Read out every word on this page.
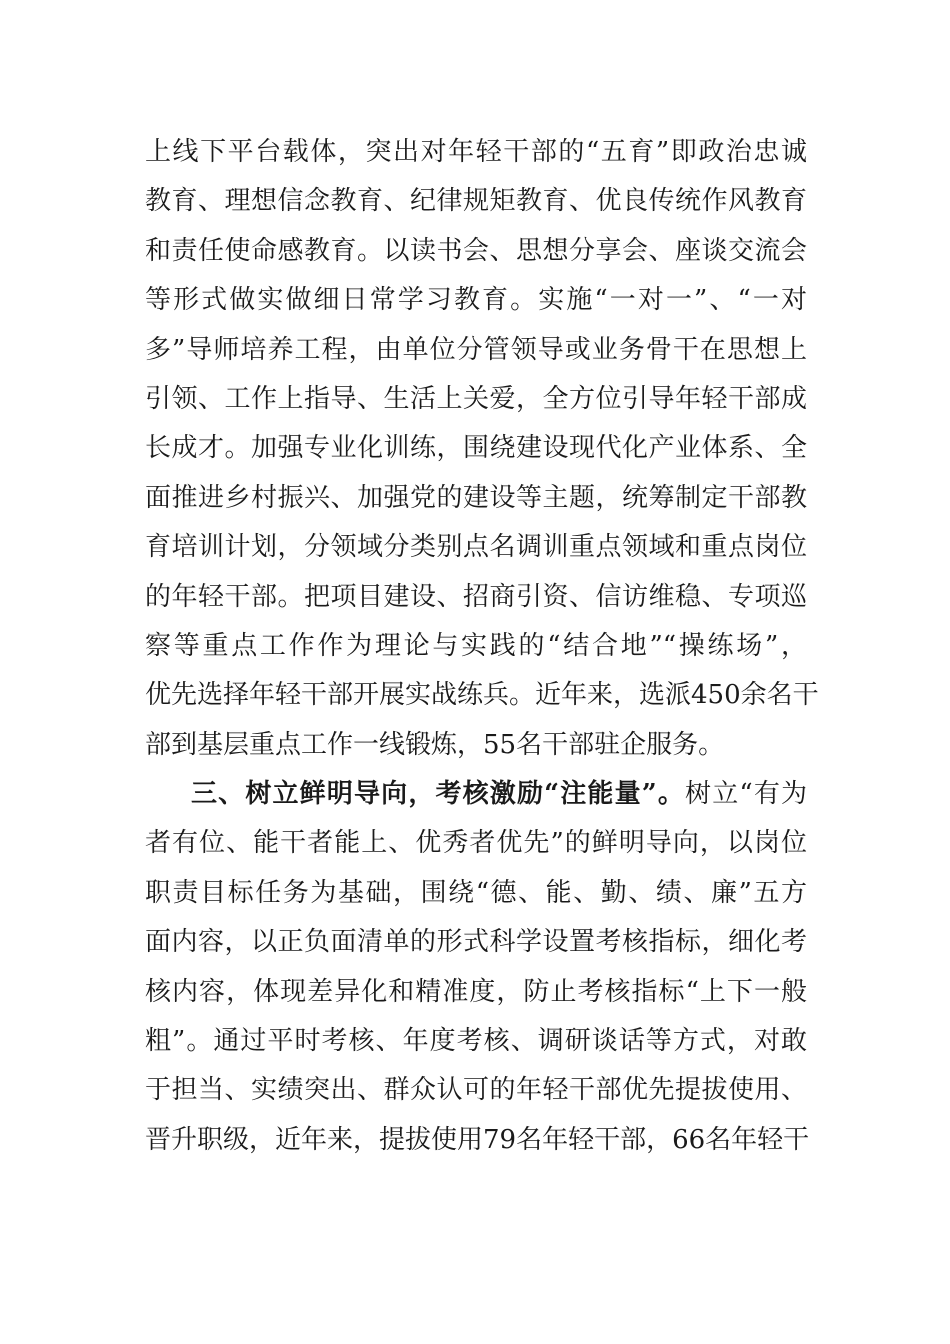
上线下平台载体，突出对年轻干部的“五育”即政治忠诚
教育、理想信念教育、纪律规矩教育、优良传统作风教育
和责任使命感教育。以读书会、思想分享会、座谈交流会
等形式做实做细日常学习教育。实施“一对一”、“一对
多”导师培养工程，由单位分管领导或业务骨干在思想上
引领、工作上指导、生活上关爱，全方位引导年轻干部成
长成才。加强专业化训练，围绕建设现代化产业体系、全
面推进乡村振兴、加强党的建设等主题，统筹制定干部教
育培训计划，分领域分类别点名调训重点领域和重点岗位
的年轻干部。把项目建设、招商引资、信访维稳、专项巡
察等重点工作作为理论与实践的“结合地”“操练场”，
优先选择年轻干部开展实战练兵。近年来，选派450余名干
部到基层重点工作一线锻炼，55名干部驻企服务。
三、树立鲜明导向，考核激励“注能量”。树立“有为
者有位、能干者能上、优秀者优先”的鲜明导向，以岗位
职责目标任务为基础，围绕“德、能、勤、绩、廉”五方
面内容，以正负面清单的形式科学设置考核指标，细化考
核内容，体现差异化和精准度，防止考核指标“上下一般
粗”。通过平时考核、年度考核、调研谈话等方式，对敢
于担当、实绩突出、群众认可的年轻干部优先提拔使用、
晋升职级，近年来，提拔使用79名年轻干部，66名年轻干
